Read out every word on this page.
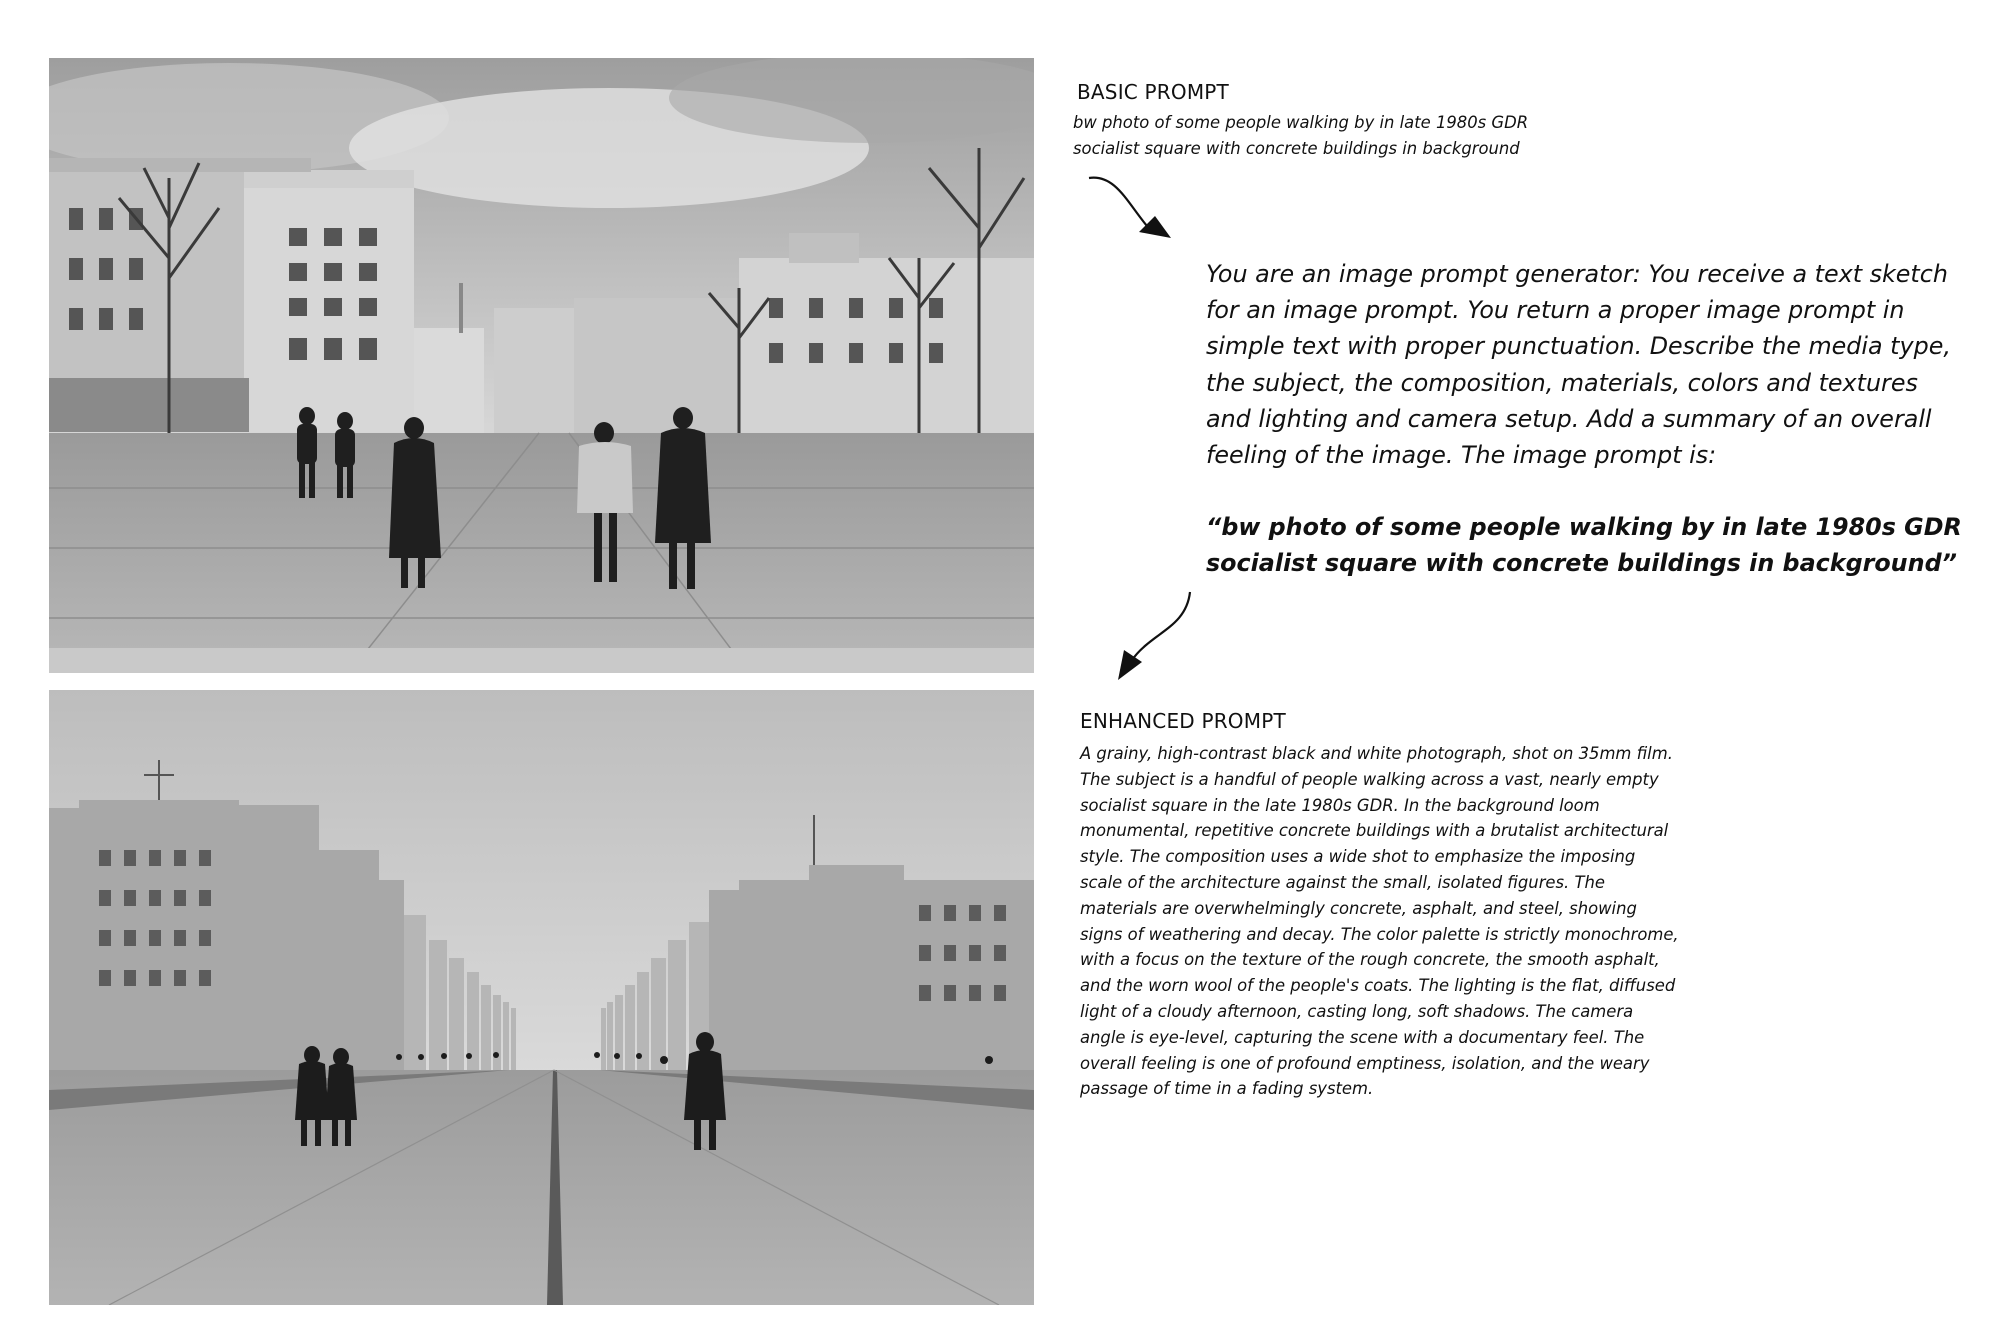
BASIC PROMPT
bw photo of some people walking by in late 1980s GDR socialist square with concrete buildings in background
You are an image prompt generator: You receive a text sketch for an image prompt. You return a proper image prompt in simple text with proper punctuation. Describe the media type, the subject, the composition, materials, colors and textures and lighting and camera setup. Add a summary of an overall feeling of the image. The image prompt is:
“bw photo of some people walking by in late 1980s GDR socialist square with concrete buildings in background”
ENHANCED PROMPT
A grainy, high-contrast black and white photograph, shot on 35mm film. The subject is a handful of people walking across a vast, nearly empty socialist square in the late 1980s GDR. In the background loom monumental, repetitive concrete buildings with a brutalist architectural style. The composition uses a wide shot to emphasize the imposing scale of the architecture against the small, isolated figures. The materials are overwhelmingly concrete, asphalt, and steel, showing signs of weathering and decay. The color palette is strictly monochrome, with a focus on the texture of the rough concrete, the smooth asphalt, and the worn wool of the people's coats. The lighting is the flat, diffused light of a cloudy afternoon, casting long, soft shadows. The camera angle is eye-level, capturing the scene with a documentary feel. The overall feeling is one of profound emptiness, isolation, and the weary passage of time in a fading system.
